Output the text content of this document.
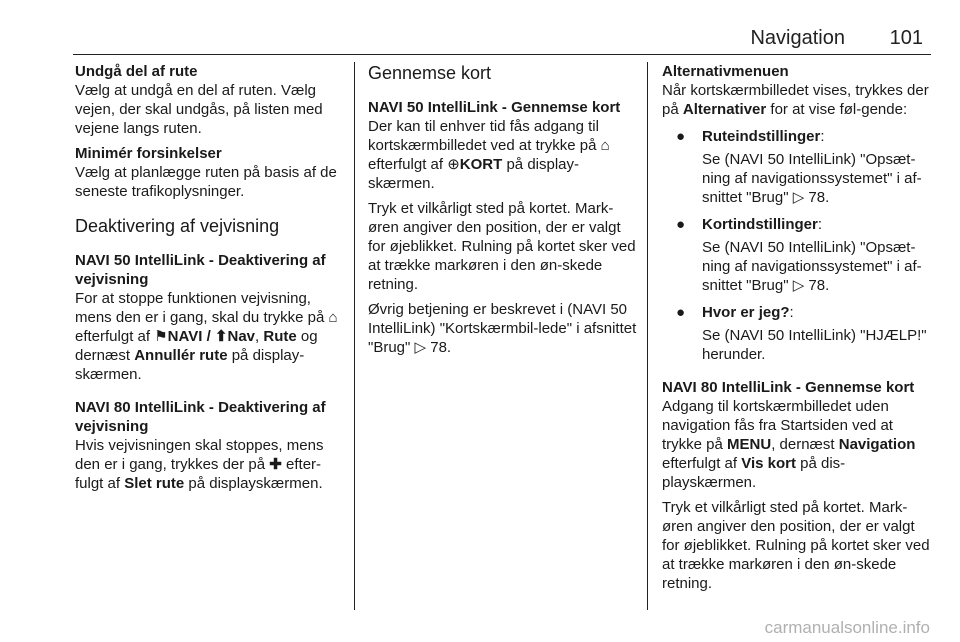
Navigation 101

Undgå del af rute

Vælg at undgå en del af ruten. Vælg vejen, der skal undgås, på listen med vejene langs ruten.

Minimér forsinkelser

Vælg at planlægge ruten på basis af de seneste trafikoplysninger.

Deaktivering af vejvisning

NAVI 50 IntelliLink - Deaktivering af vejvisning

For at stoppe funktionen vejvisning, mens den er i gang, skal du trykke på ⌂ efterfulgt af ⚑NAVI / ⬆Nav, Rute og dernæst Annullér rute på display-skærmen.

NAVI 80 IntelliLink - Deaktivering af vejvisning

Hvis vejvisningen skal stoppes, mens den er i gang, trykkes der på ✚ efter-fulgt af Slet rute på displayskærmen.

Gennemse kort

NAVI 50 IntelliLink - Gennemse kort

Der kan til enhver tid fås adgang til kortskærmbilledet ved at trykke på ⌂ efterfulgt af ⊕KORT på display-skærmen.

Tryk et vilkårligt sted på kortet. Mark-øren angiver den position, der er valgt for øjeblikket. Rulning på kortet sker ved at trække markøren i den øn-skede retning.

Øvrig betjening er beskrevet i (NAVI 50 IntelliLink) "Kortskærmbil-lede" i afsnittet "Brug" ▷ 78.

Alternativmenuen

Når kortskærmbilledet vises, trykkes der på Alternativer for at vise føl-gende:

● Ruteindstillinger:
Se (NAVI 50 IntelliLink) "Opsæt-ning af navigationssystemet" i af-snittet "Brug" ▷ 78.
● Kortindstillinger:
Se (NAVI 50 IntelliLink) "Opsæt-ning af navigationssystemet" i af-snittet "Brug" ▷ 78.
● Hvor er jeg?:
Se (NAVI 50 IntelliLink) "HJÆLP!" herunder.

NAVI 80 IntelliLink - Gennemse kort

Adgang til kortskærmbilledet uden navigation fås fra Startsiden ved at trykke på MENU, dernæst Navigation efterfulgt af Vis kort på dis-playskærmen.

Tryk et vilkårligt sted på kortet. Mark-øren angiver den position, der er valgt for øjeblikket. Rulning på kortet sker ved at trække markøren i den øn-skede retning.

carmanualsonline.info
